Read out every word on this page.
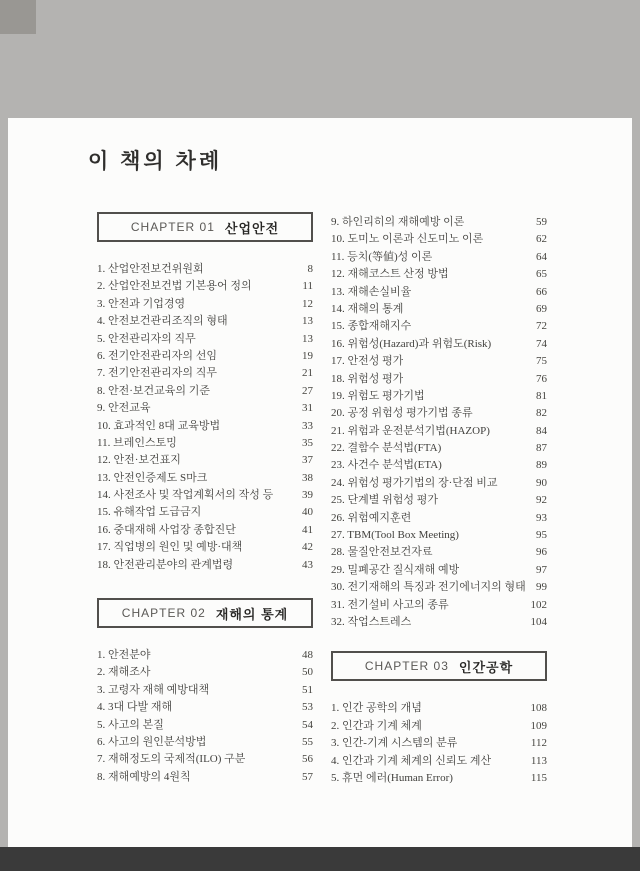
이 책의 차례
CHAPTER 01 산업안전
1. 산업안전보건위원회	8
2. 산업안전보건법 기본용어 정의	11
3. 안전과 기업경영	12
4. 안전보건관리조직의 형태	13
5. 안전관리자의 직무	13
6. 전기안전관리자의 선임	19
7. 전기안전관리자의 직무	21
8. 안전·보건교육의 기준	27
9. 안전교육	31
10. 효과적인 8대 교육방법	33
11. 브레인스토밍	35
12. 안전·보건표지	37
13. 안전인증제도 S마크	38
14. 사전조사 및 작업계획서의 작성 등	39
15. 유해작업 도급금지	40
16. 중대재해 사업장 종합진단	41
17. 직업병의 원인 및 예방·대책	42
18. 안전관리분야의 관계법령	43
CHAPTER 02 재해의 통계
1. 안전분야	48
2. 재해조사	50
3. 고령자 재해 예방대책	51
4. 3대 다발 재해	53
5. 사고의 본질	54
6. 사고의 원인분석방법	55
7. 재해정도의 국제적(ILO) 구분	56
8. 재해예방의 4원칙	57
9. 하인리히의 재해예방 이론	59
10. 도미노 이론과 신도미노 이론	62
11. 등치(等値)성 이론	64
12. 재해코스트 산정 방법	65
13. 재해손실비율	66
14. 재해의 통계	69
15. 종합재해지수	72
16. 위험성(Hazard)과 위험도(Risk)	74
17. 안전성 평가	75
18. 위험성 평가	76
19. 위험도 평가기법	81
20. 공정 위험성 평가기법 종류	82
21. 위험과 운전분석기법(HAZOP)	84
22. 결함수 분석법(FTA)	87
23. 사건수 분석법(ETA)	89
24. 위험성 평가기법의 장·단점 비교	90
25. 단계별 위험성 평가	92
26. 위험예지훈련	93
27. TBM(Tool Box Meeting)	95
28. 물질안전보건자료	96
29. 밀폐공간 질식재해 예방	97
30. 전기재해의 특징과 전기에너지의 형태 99
31. 전기설비 사고의 종류	102
32. 작업스트레스	104
CHAPTER 03 인간공학
1. 인간 공학의 개념	108
2. 인간과 기계 체계	109
3. 인간-기계 시스템의 분류	112
4. 인간과 기계 체계의 신뢰도 계산	113
5. 휴먼 에러(Human Error)	115
